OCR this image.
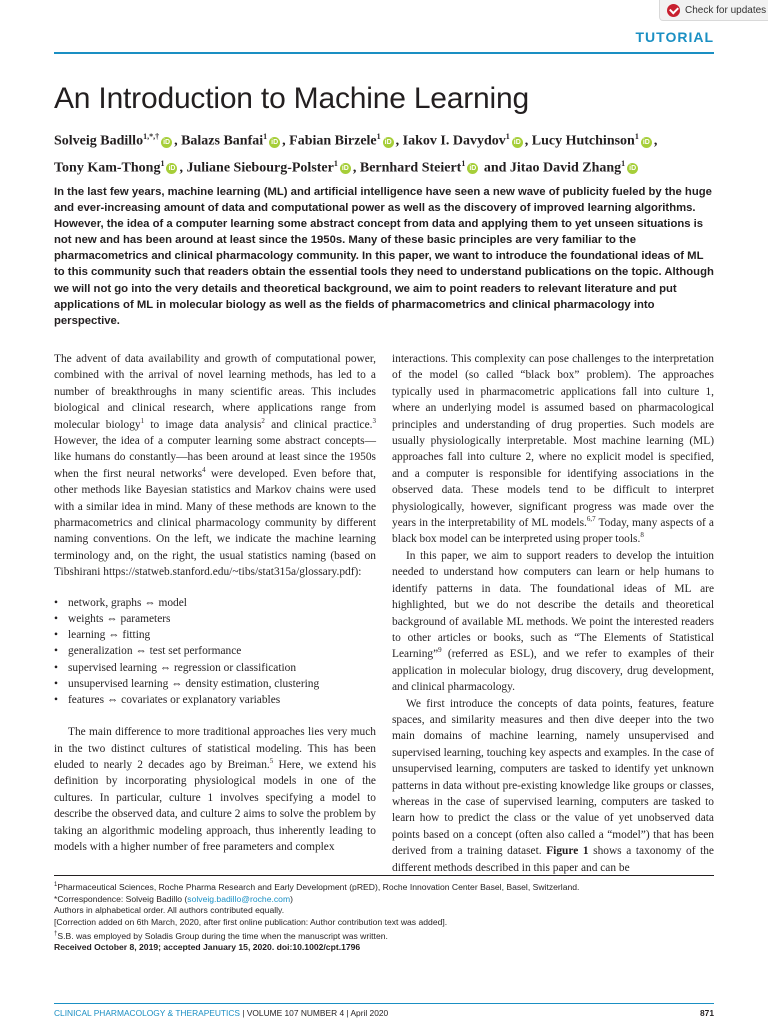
Check for updates
TUTORIAL
An Introduction to Machine Learning
Solveig Badillo$^{1,*,\dagger}$iD , Balazs Banfai$^1$iD , Fabian Birzele$^1$iD , Iakov I. Davydov$^1$iD , Lucy Hutchinson$^1$iD ,
Tony Kam-Thong$^1$iD , Juliane Siebourg-Polster$^1$iD , Bernhard Steiert$^1$iD and Jitao David Zhang$^1$iD

In the last few years, machine learning (ML) and artificial intelligence have seen a new wave of publicity fueled by the huge and ever-increasing amount of data and computational power as well as the discovery of improved learning algorithms. However, the idea of a computer learning some abstract concept from data and applying them to yet unseen situations is not new and has been around at least since the 1950s. Many of these basic principles are very familiar to the pharmacometrics and clinical pharmacology community. In this paper, we want to introduce the foundational ideas of ML to this community such that readers obtain the essential tools they need to understand publications on the topic. Although we will not go into the very details and theoretical background, we aim to point readers to relevant literature and put applications of ML in molecular biology as well as the fields of pharmacometrics and clinical pharmacology into perspective.

The advent of data availability and growth of computational power, combined with the arrival of novel learning methods, has led to a number of breakthroughs in many scientific areas. This includes biological and clinical research, where applications range from molecular biology$^1$ to image data analysis$^2$ and clinical practice.$^3$ However, the idea of a computer learning some abstract concepts—like humans do constantly—has been around at least since the 1950s when the first neural networks$^4$ were developed. Even before that, other methods like Bayesian statistics and Markov chains were used with a similar idea in mind. Many of these methods are known to the pharmacometrics and clinical pharmacology community by different naming conventions. On the left, we indicate the machine learning terminology and, on the right, the usual statistics naming (based on Tibshirani https://statweb.stanford.edu/~tibs/stat315a/glossary.pdf):

• network, graphs ⇔ model
• weights ⇔ parameters
• learning ⇔ fitting
• generalization ⇔ test set performance
• supervised learning ⇔ regression or classification
• unsupervised learning ⇔ density estimation, clustering
• features ⇔ covariates or explanatory variables

The main difference to more traditional approaches lies very much in the two distinct cultures of statistical modeling. This has been eluded to nearly 2 decades ago by Breiman.$^5$ Here, we extend his definition by incorporating physiological models in one of the cultures. In particular, culture 1 involves specifying a model to describe the observed data, and culture 2 aims to solve the problem by taking an algorithmic modeling approach, thus inherently leading to models with a higher number of free parameters and complex

interactions. This complexity can pose challenges to the interpretation of the model (so called “black box” problem). The approaches typically used in pharmacometric applications fall into culture 1, where an underlying model is assumed based on pharmacological principles and understanding of drug properties. Such models are usually physiologically interpretable. Most machine learning (ML) approaches fall into culture 2, where no explicit model is specified, and a computer is responsible for identifying associations in the observed data. These models tend to be difficult to interpret physiologically, however, significant progress was made over the years in the interpretability of ML models.$^{6,7}$ Today, many aspects of a black box model can be interpreted using proper tools.$^8$

In this paper, we aim to support readers to develop the intuition needed to understand how computers can learn or help humans to identify patterns in data. The foundational ideas of ML are highlighted, but we do not describe the details and theoretical background of available ML methods. We point the interested readers to other articles or books, such as “The Elements of Statistical Learning”$^9$ (referred as ESL), and we refer to examples of their application in molecular biology, drug discovery, drug development, and clinical pharmacology.

We first introduce the concepts of data points, features, feature spaces, and similarity measures and then dive deeper into the two main domains of machine learning, namely unsupervised and supervised learning, touching key aspects and examples. In the case of unsupervised learning, computers are tasked to identify yet unknown patterns in data without pre-existing knowledge like groups or classes, whereas in the case of supervised learning, computers are tasked to learn how to predict the class or the value of yet unobserved data points based on a concept (often also called a “model”) that has been derived from a training dataset. Figure 1 shows a taxonomy of the different methods described in this paper and can be

$^1$Pharmaceutical Sciences, Roche Pharma Research and Early Development (pRED), Roche Innovation Center Basel, Basel, Switzerland.
*Correspondence: Solveig Badillo (solveig.badillo@roche.com)
Authors in alphabetical order. All authors contributed equally.
[Correction added on 6th March, 2020, after first online publication: Author contribution text was added].
†S.B. was employed by Soladis Group during the time when the manuscript was written.
Received October 8, 2019; accepted January 15, 2020. doi:10.1002/cpt.1796
CLINICAL PHARMACOLOGY & THERAPEUTICS | VOLUME 107 NUMBER 4 | April 2020	871
